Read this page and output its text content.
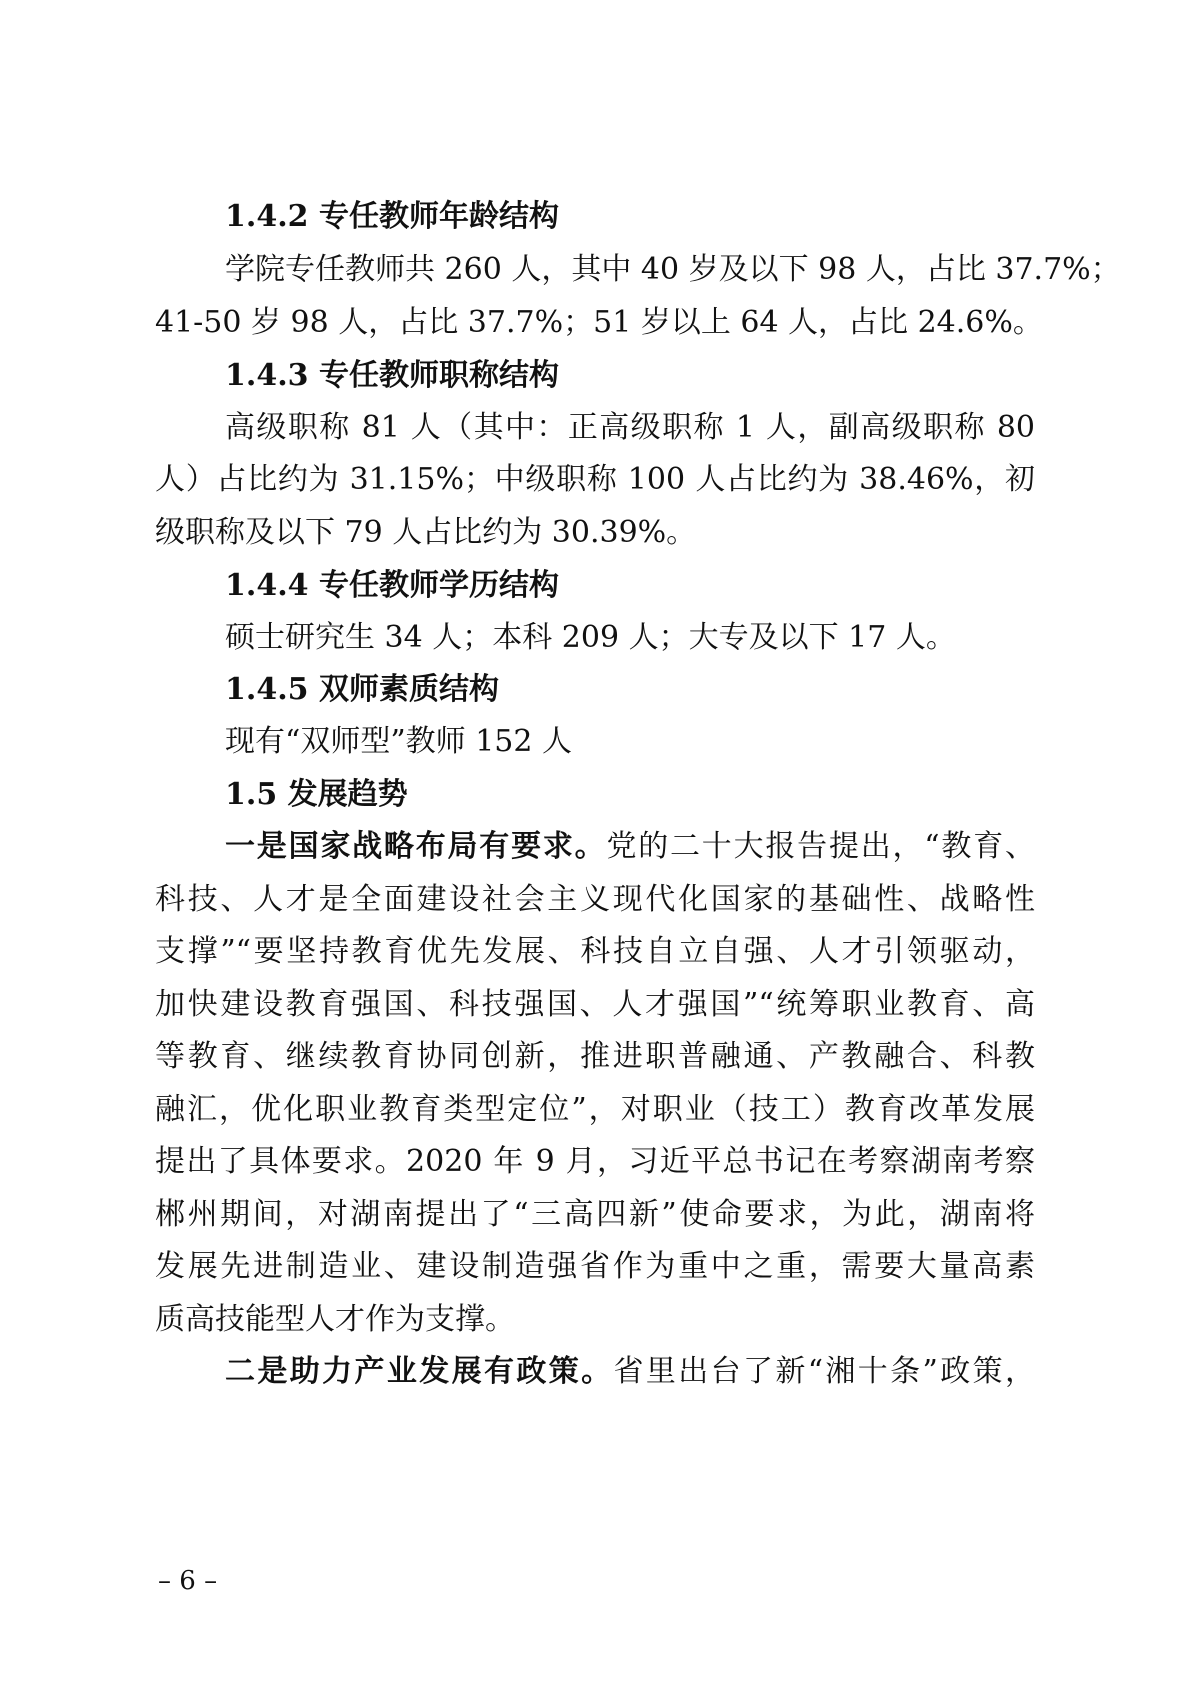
1.4.2 专任教师年龄结构
学院专任教师共 260 人，其中 40 岁及以下 98 人，占比 37.7%；
41-50 岁 98 人，占比 37.7%；51 岁以上 64 人，占比 24.6%。
1.4.3 专任教师职称结构
高级职称 81 人（其中：正高级职称 1 人，副高级职称 80
人）占比约为 31.15%；中级职称 100 人占比约为 38.46%，初
级职称及以下 79 人占比约为 30.39%。
1.4.4 专任教师学历结构
硕士研究生 34 人；本科 209 人；大专及以下 17 人。
1.4.5 双师素质结构
现有“双师型”教师 152 人
1.5 发展趋势
一是国家战略布局有要求。党的二十大报告提出，“教育、
科技、人才是全面建设社会主义现代化国家的基础性、战略性
支撑”“要坚持教育优先发展、科技自立自强、人才引领驱动，
加快建设教育强国、科技强国、人才强国”“统筹职业教育、高
等教育、继续教育协同创新，推进职普融通、产教融合、科教
融汇，优化职业教育类型定位”，对职业（技工）教育改革发展
提出了具体要求。2020 年 9 月，习近平总书记在考察湖南考察
郴州期间，对湖南提出了“三高四新”使命要求，为此，湖南将
发展先进制造业、建设制造强省作为重中之重，需要大量高素
质高技能型人才作为支撑。
二是助力产业发展有政策。省里出台了新“湘十条”政策，
– 6 –
